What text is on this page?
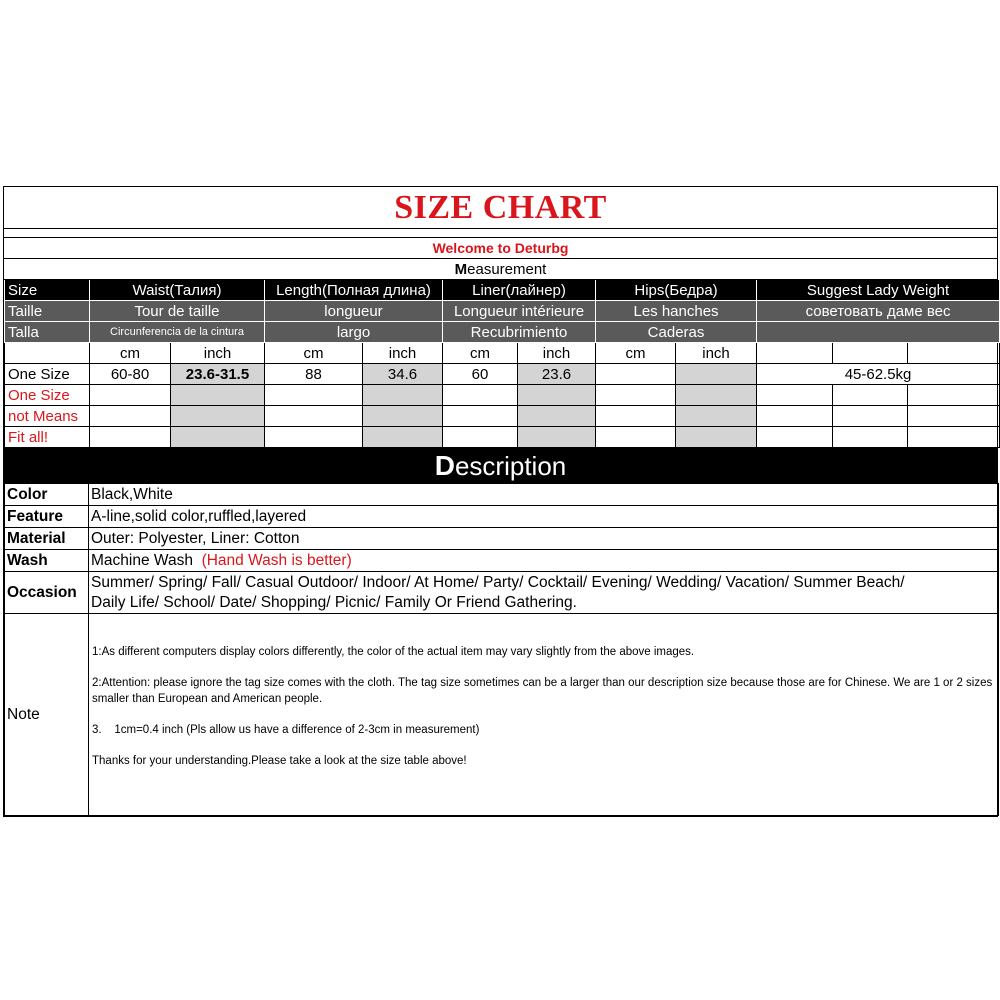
SIZE CHART
Welcome to Deturbg
M easurement
Size	Waist(Талия)		Length(Полная длина)		Liner(лайнер)		Hips(Бедра)		Suggest Lady Weight		
Taille	Tour de taille		longueur		Longueur intérieure		Les hanches		советовать даме вес		
Talla	Circunferencia de la cintura		largo		Recubrimiento		Caderas				
	cm	inch	cm	inch	cm	inch	cm	inch			
One Size	60-80	23.6-31.5	88	34.6	60	23.6			45-62.5kg		
One Size											
not Means											
Fit all!											
D escription
Color	Black,White
Feature	A-line,solid color,ruffled,layered
Material	Outer: Polyester, Liner: Cotton
Wash	Machine Wash (Hand Wash is better)
Occasion	Summer/ Spring/ Fall/ Casual Outdoor/ Indoor/ At Home/ Party/ Cocktail/ Evening/ Wedding/ Vacation/ Summer Beach/
Daily Life/ School/ Date/ Shopping/ Picnic/ Family Or Friend Gathering.

Note	1:As different computers display colors differently, the color of the actual item may vary slightly from the above images.

2:Attention: please ignore the tag size comes with the cloth. The tag size sometimes can be a larger than our description size because those are for Chinese. We are 1 or 2 sizes smaller than European and American people.

3.    1cm=0.4 inch (Pls allow us have a difference of 2-3cm in measurement)

Thanks for your understanding.Please take a look at the size table above!
